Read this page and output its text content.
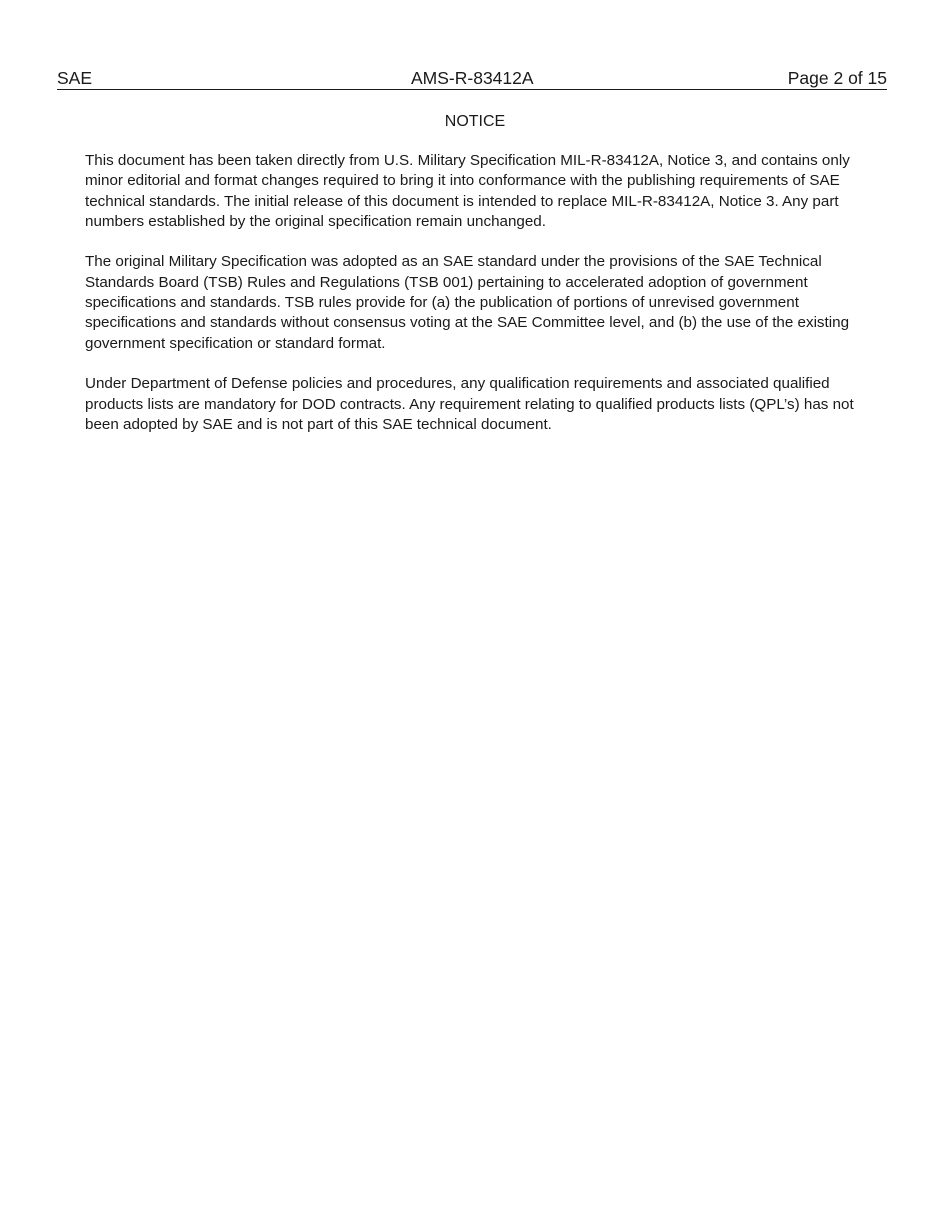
SAE	AMS-R-83412A	Page 2 of 15
NOTICE

This document has been taken directly from U.S. Military Specification MIL-R-83412A, Notice 3, and contains only minor editorial and format changes required to bring it into conformance with the publishing requirements of SAE technical standards. The initial release of this document is intended to replace MIL-R-83412A, Notice 3. Any part numbers established by the original specification remain unchanged.

The original Military Specification was adopted as an SAE standard under the provisions of the SAE Technical Standards Board (TSB) Rules and Regulations (TSB 001) pertaining to accelerated adoption of government specifications and standards. TSB rules provide for (a) the publication of portions of unrevised government specifications and standards without consensus voting at the SAE Committee level, and (b) the use of the existing government specification or standard format.

Under Department of Defense policies and procedures, any qualification requirements and associated qualified products lists are mandatory for DOD contracts. Any requirement relating to qualified products lists (QPL’s) has not been adopted by SAE and is not part of this SAE technical document.
